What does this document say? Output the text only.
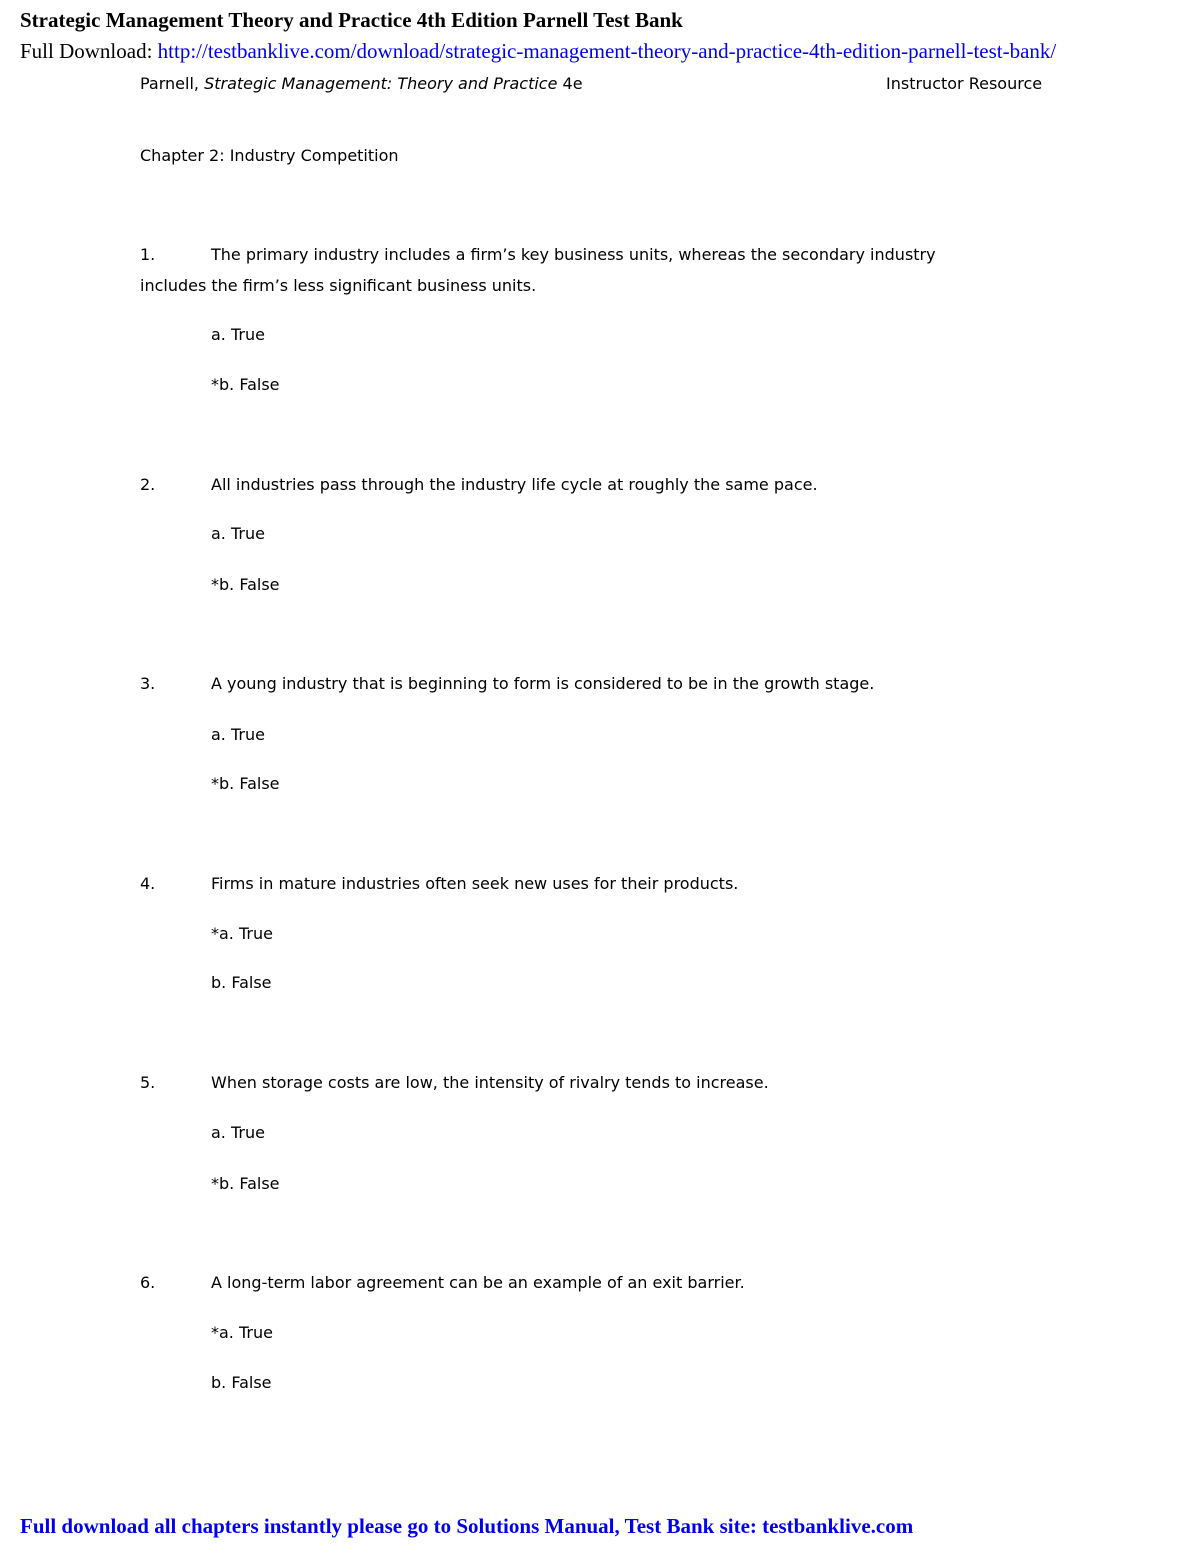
Strategic Management Theory and Practice 4th Edition Parnell Test Bank
Full Download: http://testbanklive.com/download/strategic-management-theory-and-practice-4th-edition-parnell-test-bank/
Parnell, Strategic Management: Theory and Practice 4e	Instructor Resource
Chapter 2: Industry Competition
1.	The primary industry includes a firm’s key business units, whereas the secondary industry
includes the firm’s less significant business units.
a. True
*b. False
2.	All industries pass through the industry life cycle at roughly the same pace.
a. True
*b. False
3.	A young industry that is beginning to form is considered to be in the growth stage.
a. True
*b. False
4.	Firms in mature industries often seek new uses for their products.
*a. True
b. False
5.	When storage costs are low, the intensity of rivalry tends to increase.
a. True
*b. False
6.	A long-term labor agreement can be an example of an exit barrier.
*a. True
b. False
Full download all chapters instantly please go to Solutions Manual, Test Bank site: testbanklive.com
